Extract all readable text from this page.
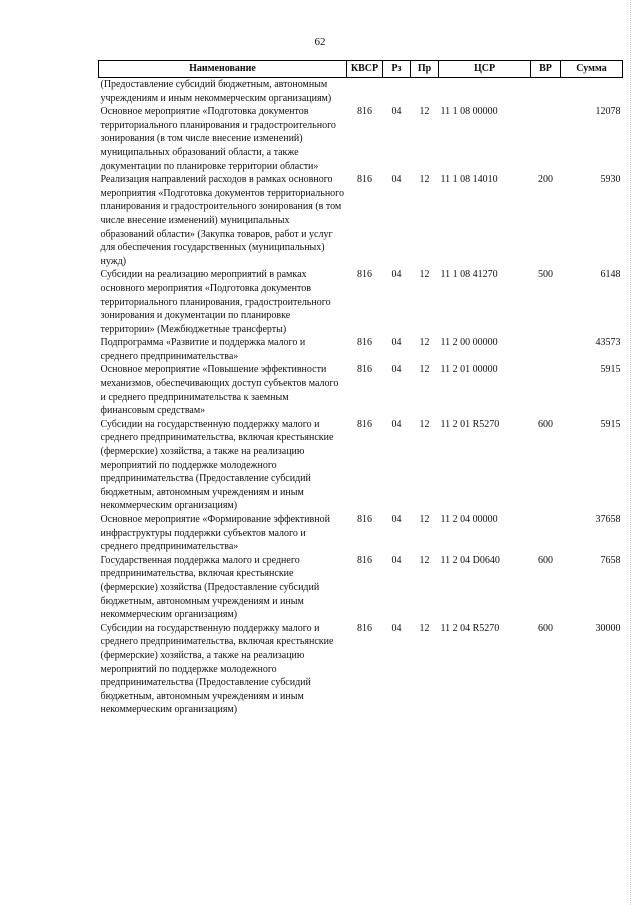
62
Наименование	КВСР	Рз	Пр	ЦСР	ВР	Сумма
(Предоставление субсидий бюджетным, автономным учреждениям и иным некоммерческим организациям)						
Основное мероприятие «Подготовка документов территориального планирования и градостроительного зонирования (в том числе внесение изменений) муниципальных образований области, а также документации по планировке территории области»	816	04	12	11 1 08 00000		12078
Реализация направлений расходов в рамках основного мероприятия «Подготовка документов территориального планирования и градостроительного зонирования (в том числе внесение изменений) муниципальных образований области» (Закупка товаров, работ и услуг для обеспечения государственных (муниципальных) нужд)	816	04	12	11 1 08 14010	200	5930
Субсидии на реализацию мероприятий в рамках основного мероприятия «Подготовка документов территориального планирования, градостроительного зонирования и документации по планировке территории» (Межбюджетные трансферты)	816	04	12	11 1 08 41270	500	6148
Подпрограмма «Развитие и поддержка малого и среднего предпринимательства»	816	04	12	11 2 00 00000		43573
Основное мероприятие «Повышение эффективности механизмов, обеспечивающих доступ субъектов малого и среднего предпринимательства к заемным финансовым средствам»	816	04	12	11 2 01 00000		5915
Субсидии на государственную поддержку малого и среднего предпринимательства, включая крестьянские (фермерские) хозяйства, а также на реализацию мероприятий по поддержке молодежного предпринимательства (Предоставление субсидий бюджетным, автономным учреждениям и иным некоммерческим организациям)	816	04	12	11 2 01 R5270	600	5915
Основное мероприятие «Формирование эффективной инфраструктуры поддержки субъектов малого и среднего предпринимательства»	816	04	12	11 2 04 00000		37658
Государственная поддержка малого и среднего предпринимательства, включая крестьянские (фермерские) хозяйства (Предоставление субсидий бюджетным, автономным учреждениям и иным некоммерческим организациям)	816	04	12	11 2 04 D0640	600	7658
Субсидии на государственную поддержку малого и среднего предпринимательства, включая крестьянские (фермерские) хозяйства, а также на реализацию мероприятий по поддержке молодежного предпринимательства (Предоставление субсидий бюджетным, автономным учреждениям и иным некоммерческим организациям)	816	04	12	11 2 04 R5270	600	30000
